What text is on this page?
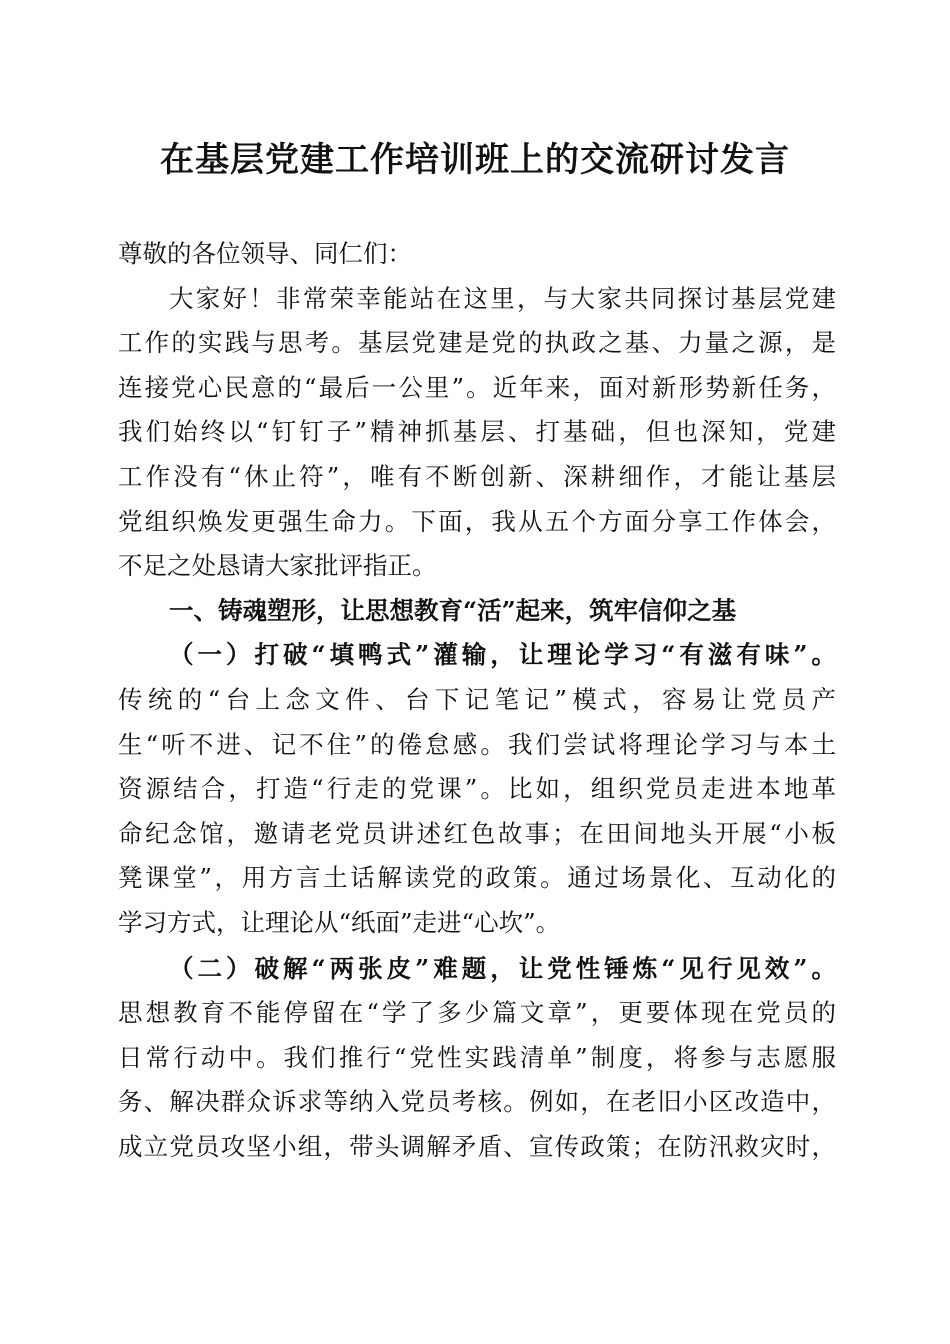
在基层党建工作培训班上的交流研讨发言
尊敬的各位领导、同仁们：
大家好！非常荣幸能站在这里，与大家共同探讨基层党建
工作的实践与思考。基层党建是党的执政之基、力量之源，是
连接党心民意的“最后一公里”。近年来，面对新形势新任务，
我们始终以“钉钉子”精神抓基层、打基础，但也深知，党建
工作没有“休止符”，唯有不断创新、深耕细作，才能让基层
党组织焕发更强生命力。下面，我从五个方面分享工作体会，
不足之处恳请大家批评指正。
一、铸魂塑形，让思想教育“活”起来，筑牢信仰之基
（一）打破“填鸭式”灌输，让理论学习“有滋有味”。
传统的“台上念文件、台下记笔记”模式，容易让党员产
生“听不进、记不住”的倦怠感。我们尝试将理论学习与本土
资源结合，打造“行走的党课”。比如，组织党员走进本地革
命纪念馆，邀请老党员讲述红色故事；在田间地头开展“小板
凳课堂”，用方言土话解读党的政策。通过场景化、互动化的
学习方式，让理论从“纸面”走进“心坎”。
（二）破解“两张皮”难题，让党性锤炼“见行见效”。
思想教育不能停留在“学了多少篇文章”，更要体现在党员的
日常行动中。我们推行“党性实践清单”制度，将参与志愿服
务、解决群众诉求等纳入党员考核。例如，在老旧小区改造中，
成立党员攻坚小组，带头调解矛盾、宣传政策；在防汛救灾时，
